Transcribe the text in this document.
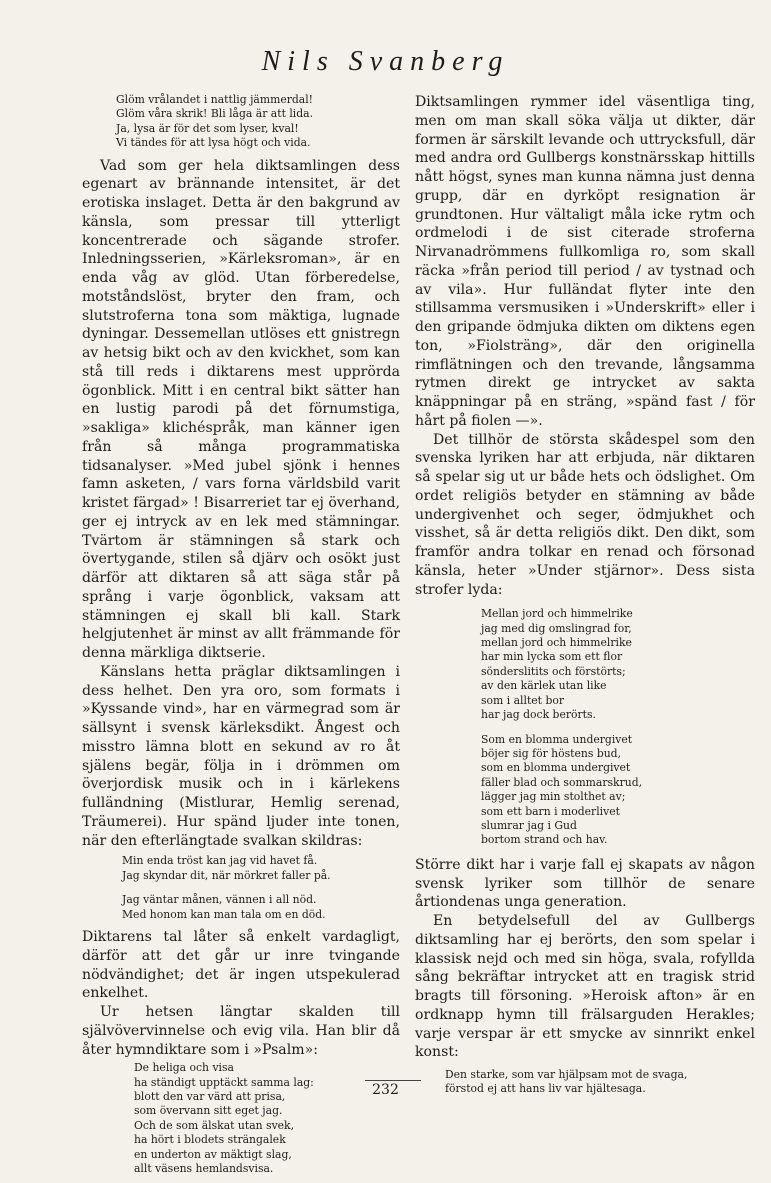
Nils Svanberg
Glöm vrålandet i nattlig jämmerdal!
Glöm våra skrik! Bli låga är att lida.
Ja, lysa är för det som lyser, kval!
Vi tändes för att lysa högt och vida.

Vad som ger hela diktsamlingen dess egenart av brännande intensitet, är det erotiska inslaget. Detta är den bakgrund av känsla, som pressar till ytterligt koncentrerade och sägande strofer. Inledningsserien, »Kärleksroman», är en enda våg av glöd. Utan förberedelse, motståndslöst, bryter den fram, och slutstroferna tona som mäktiga, lugnade dyningar. Dessemellan utlöses ett gnistregn av hetsig bikt och av den kvickhet, som kan stå till reds i diktarens mest upprörda ögonblick. Mitt i en central bikt sätter han en lustig parodi på det förnumstiga, »sakliga» klichéspråk, man känner igen från så många programmatiska tidsanalyser. »Med jubel sjönk i hennes famn asketen, / vars forna världsbild varit kristet färgad» ! Bisarreriet tar ej överhand, ger ej intryck av en lek med stämningar. Tvärtom är stämningen så stark och övertygande, stilen så djärv och osökt just därför att diktaren så att säga står på språng i varje ögonblick, vaksam att stämningen ej skall bli kall. Stark helgjutenhet är minst av allt främmande för denna märkliga diktserie.

Känslans hetta präglar diktsamlingen i dess helhet. Den yra oro, som formats i »Kyssande vind», har en värmegrad som är sällsynt i svensk kärleksdikt. Ångest och misstro lämna blott en sekund av ro åt själens begär, följa in i drömmen om överjordisk musik och in i kärlekens fulländning (Mistlurar, Hemlig serenad, Träumerei). Hur spänd ljuder inte tonen, när den efterlängtade svalkan skildras:

Min enda tröst kan jag vid havet få.
Jag skyndar dit, när mörkret faller på.
Jag väntar månen, vännen i all nöd.
Med honom kan man tala om en död.

Diktarens tal låter så enkelt vardagligt, därför att det går ur inre tvingande nödvändighet; det är ingen utspekulerad enkelhet.

Ur hetsen längtar skalden till självövervinnelse och evig vila. Han blir då åter hymndiktare som i »Psalm»:

De heliga och visa
ha ständigt upptäckt samma lag:
blott den var värd att prisa,
som övervann sitt eget jag.
Och de som älskat utan svek,
ha hört i blodets strängalek
en underton av mäktigt slag,
allt väsens hemlandsvisa.

Diktsamlingen rymmer idel väsentliga ting, men om man skall söka välja ut dikter, där formen är särskilt levande och uttrycksfull, där med andra ord Gullbergs konstnärsskap hittills nått högst, synes man kunna nämna just denna grupp, där en dyrköpt resignation är grundtonen. Hur vältaligt måla icke rytm och ordmelodi i de sist citerade stroferna Nirvanadrömmens fullkomliga ro, som skall räcka »från period till period / av tystnad och av vila». Hur fulländat flyter inte den stillsamma versmusiken i »Underskrift» eller i den gripande ödmjuka dikten om diktens egen ton, »Fiolsträng», där den originella rimflätningen och den trevande, långsamma rytmen direkt ge intrycket av sakta knäppningar på en sträng, »spänd fast / för hårt på fiolen —».

Det tillhör de största skådespel som den svenska lyriken har att erbjuda, när diktaren så spelar sig ut ur både hets och ödslighet. Om ordet religiös betyder en stämning av både undergivenhet och seger, ödmjukhet och visshet, så är detta religiös dikt. Den dikt, som framför andra tolkar en renad och försonad känsla, heter »Under stjärnor». Dess sista strofer lyda:

Mellan jord och himmelrike
jag med dig omslingrad for,
mellan jord och himmelrike
har min lycka som ett flor
sönderslitits och förstörts;
av den kärlek utan like
som i alltet bor
har jag dock berörts.
Som en blomma undergivet
böjer sig för höstens bud,
som en blomma undergivet
fäller blad och sommarskrud,
lägger jag min stolthet av;
som ett barn i moderlivet
slumrar jag i Gud
bortom strand och hav.

Större dikt har i varje fall ej skapats av någon svensk lyriker som tillhör de senare årtiondenas unga generation.

En betydelsefull del av Gullbergs diktsamling har ej berörts, den som spelar i klassisk nejd och med sin höga, svala, rofyllda sång bekräftar intrycket att en tragisk strid bragts till försoning. »Heroisk afton» är en ordknapp hymn till frälsarguden Herakles; varje verspar är ett smycke av sinnrikt enkel konst:

Den starke, som var hjälpsam mot de svaga,
förstod ej att hans liv var hjältesaga.
232
